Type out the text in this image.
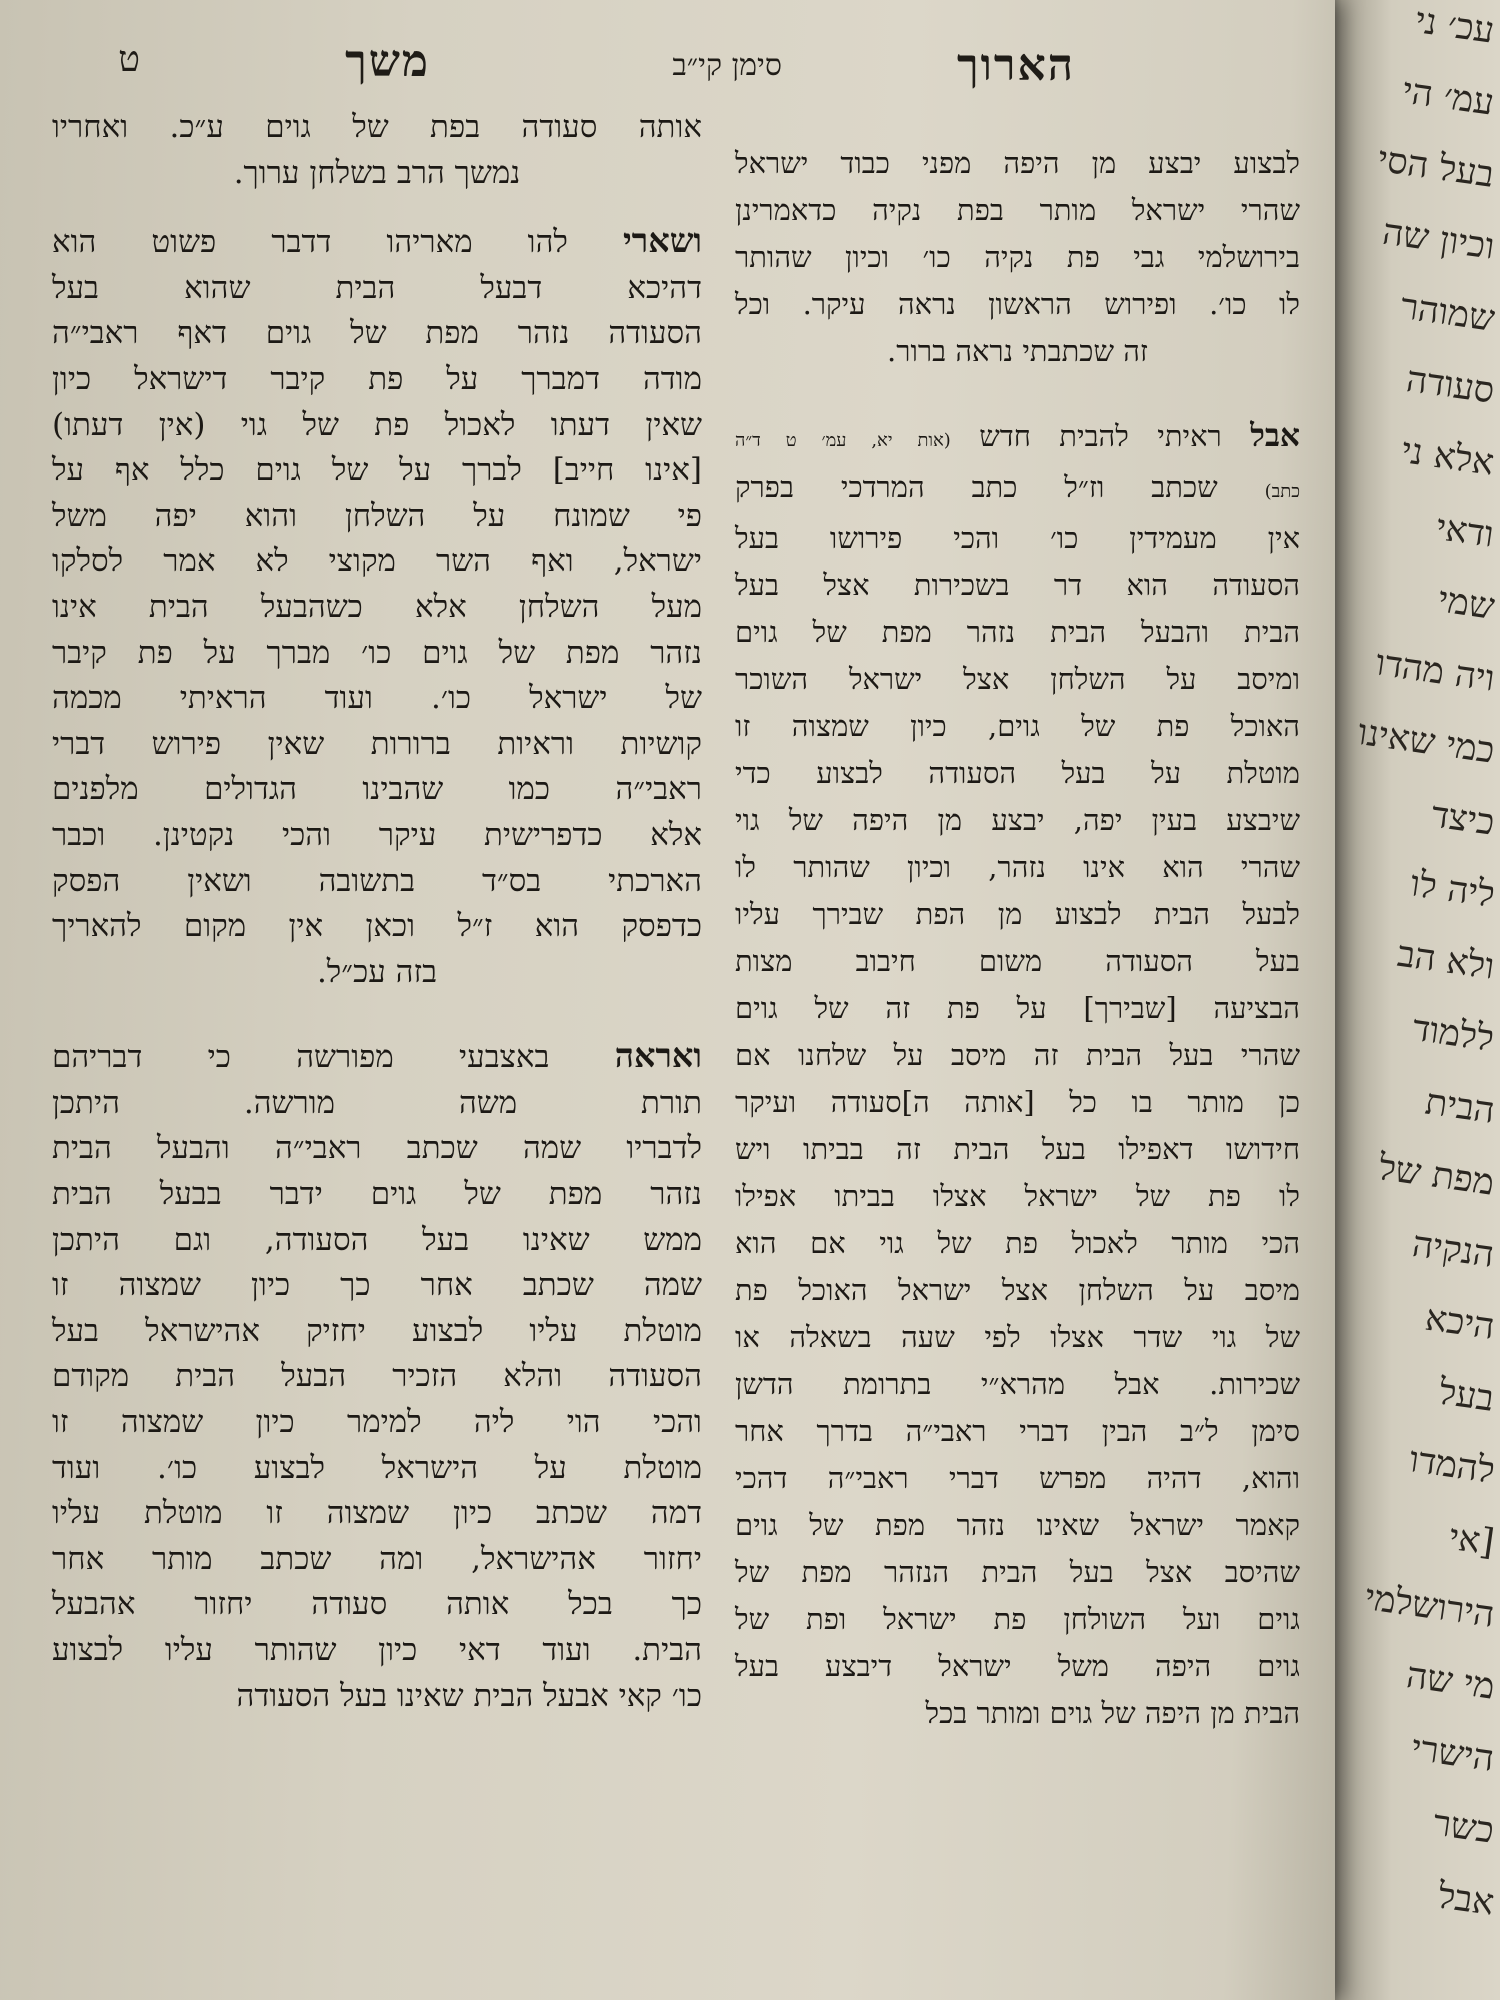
עכ׳ ני
עמ׳ הי
בעל הסי
וכיון שה
שמוהר
סעודה
אלא ני
ודאי
שמי
ויה מהדו
כמי שאינו
כיצד
ליה לו
ולא הב
ללמוד
הבית
מפת של
הנקיה
היכא
בעל
להמדו
[אי
הירושלמי
מי שה
הישרי
כשר
אבל
הארוך
סימן קי״ב
משך
ט
לבצוע יבצע מן היפה מפני כבוד ישראל
שהרי ישראל מותר בפת נקיה כדאמרינן
בירושלמי גבי פת נקיה כו׳ וכיון שהותר
לו כו׳. ופירוש הראשון נראה עיקר. וכל
זה שכתבתי נראה ברור.
אבל ראיתי להבית חדש (אות יא, עמ׳ ט ד״ה
כתב) שכתב וז״ל כתב המרדכי בפרק
אין מעמידין כו׳ והכי פירושו בעל
הסעודה הוא דר בשכירות אצל בעל
הבית והבעל הבית נזהר מפת של גוים
ומיסב על השלחן אצל ישראל השוכר
האוכל פת של גוים, כיון שמצוה זו
מוטלת על בעל הסעודה לבצוע כדי
שיבצע בעין יפה, יבצע מן היפה של גוי
שהרי הוא אינו נזהר, וכיון שהותר לו
לבעל הבית לבצוע מן הפת שבירך עליו
בעל הסעודה משום חיבוב מצות
הבציעה [שבירך] על פת זה של גוים
שהרי בעל הבית זה מיסב על שלחנו אם
כן מותר בו כל [אותה ה]סעודה ועיקר
חידושו דאפילו בעל הבית זה בביתו ויש
לו פת של ישראל אצלו בביתו אפילו
הכי מותר לאכול פת של גוי אם הוא
מיסב על השלחן אצל ישראל האוכל פת
של גוי שדר אצלו לפי שעה בשאלה או
שכירות. אבל מהרא״י בתרומת הדשן
סימן ל״ב הבין דברי ראבי״ה בדרך אחר
והוא, דהיה מפרש דברי ראבי״ה דהכי
קאמר ישראל שאינו נזהר מפת של גוים
שהיסב אצל בעל הבית הנזהר מפת של
גוים ועל השולחן פת ישראל ופת של
גוים היפה משל ישראל דיבצע בעל
הבית מן היפה של גוים ומותר בכל
אותה סעודה בפת של גוים ע״כ. ואחריו
נמשך הרב בשלחן ערוך.
ושארי להו מאריהו דדבר פשוט הוא
דהיכא דבעל הבית שהוא בעל
הסעודה נזהר מפת של גוים דאף ראבי״ה
מודה דמברך על פת קיבר דישראל כיון
שאין דעתו לאכול פת של גוי (אין דעתו)
[אינו חייב] לברך על של גוים כלל אף על
פי שמונח על השלחן והוא יפה משל
ישראל, ואף השר מקוצי לא אמר לסלקו
מעל השלחן אלא כשהבעל הבית אינו
נזהר מפת של גוים כו׳ מברך על פת קיבר
של ישראל כו׳. ועוד הראיתי מכמה
קושיות וראיות ברורות שאין פירוש דברי
ראבי״ה כמו שהבינו הגדולים מלפנים
אלא כדפרישית עיקר והכי נקטינן. וכבר
הארכתי בס״ד בתשובה ושאין הפסק
כדפסק הוא ז״ל וכאן אין מקום להאריך
בזה עכ״ל.
ואראה באצבעי מפורשה כי דבריהם
תורת משה מורשה. היתכן
לדבריו שמה שכתב ראבי״ה והבעל הבית
נזהר מפת של גוים ידבר בבעל הבית
ממש שאינו בעל הסעודה, וגם היתכן
שמה שכתב אחר כך כיון שמצוה זו
מוטלת עליו לבצוע יחזיק אהישראל בעל
הסעודה והלא הזכיר הבעל הבית מקודם
והכי הוי ליה למימר כיון שמצוה זו
מוטלת על הישראל לבצוע כו׳. ועוד
דמה שכתב כיון שמצוה זו מוטלת עליו
יחזור אהישראל, ומה שכתב מותר אחר
כך בכל אותה סעודה יחזור אהבעל
הבית. ועוד דאי כיון שהותר עליו לבצוע
כו׳ קאי אבעל הבית שאינו בעל הסעודה
